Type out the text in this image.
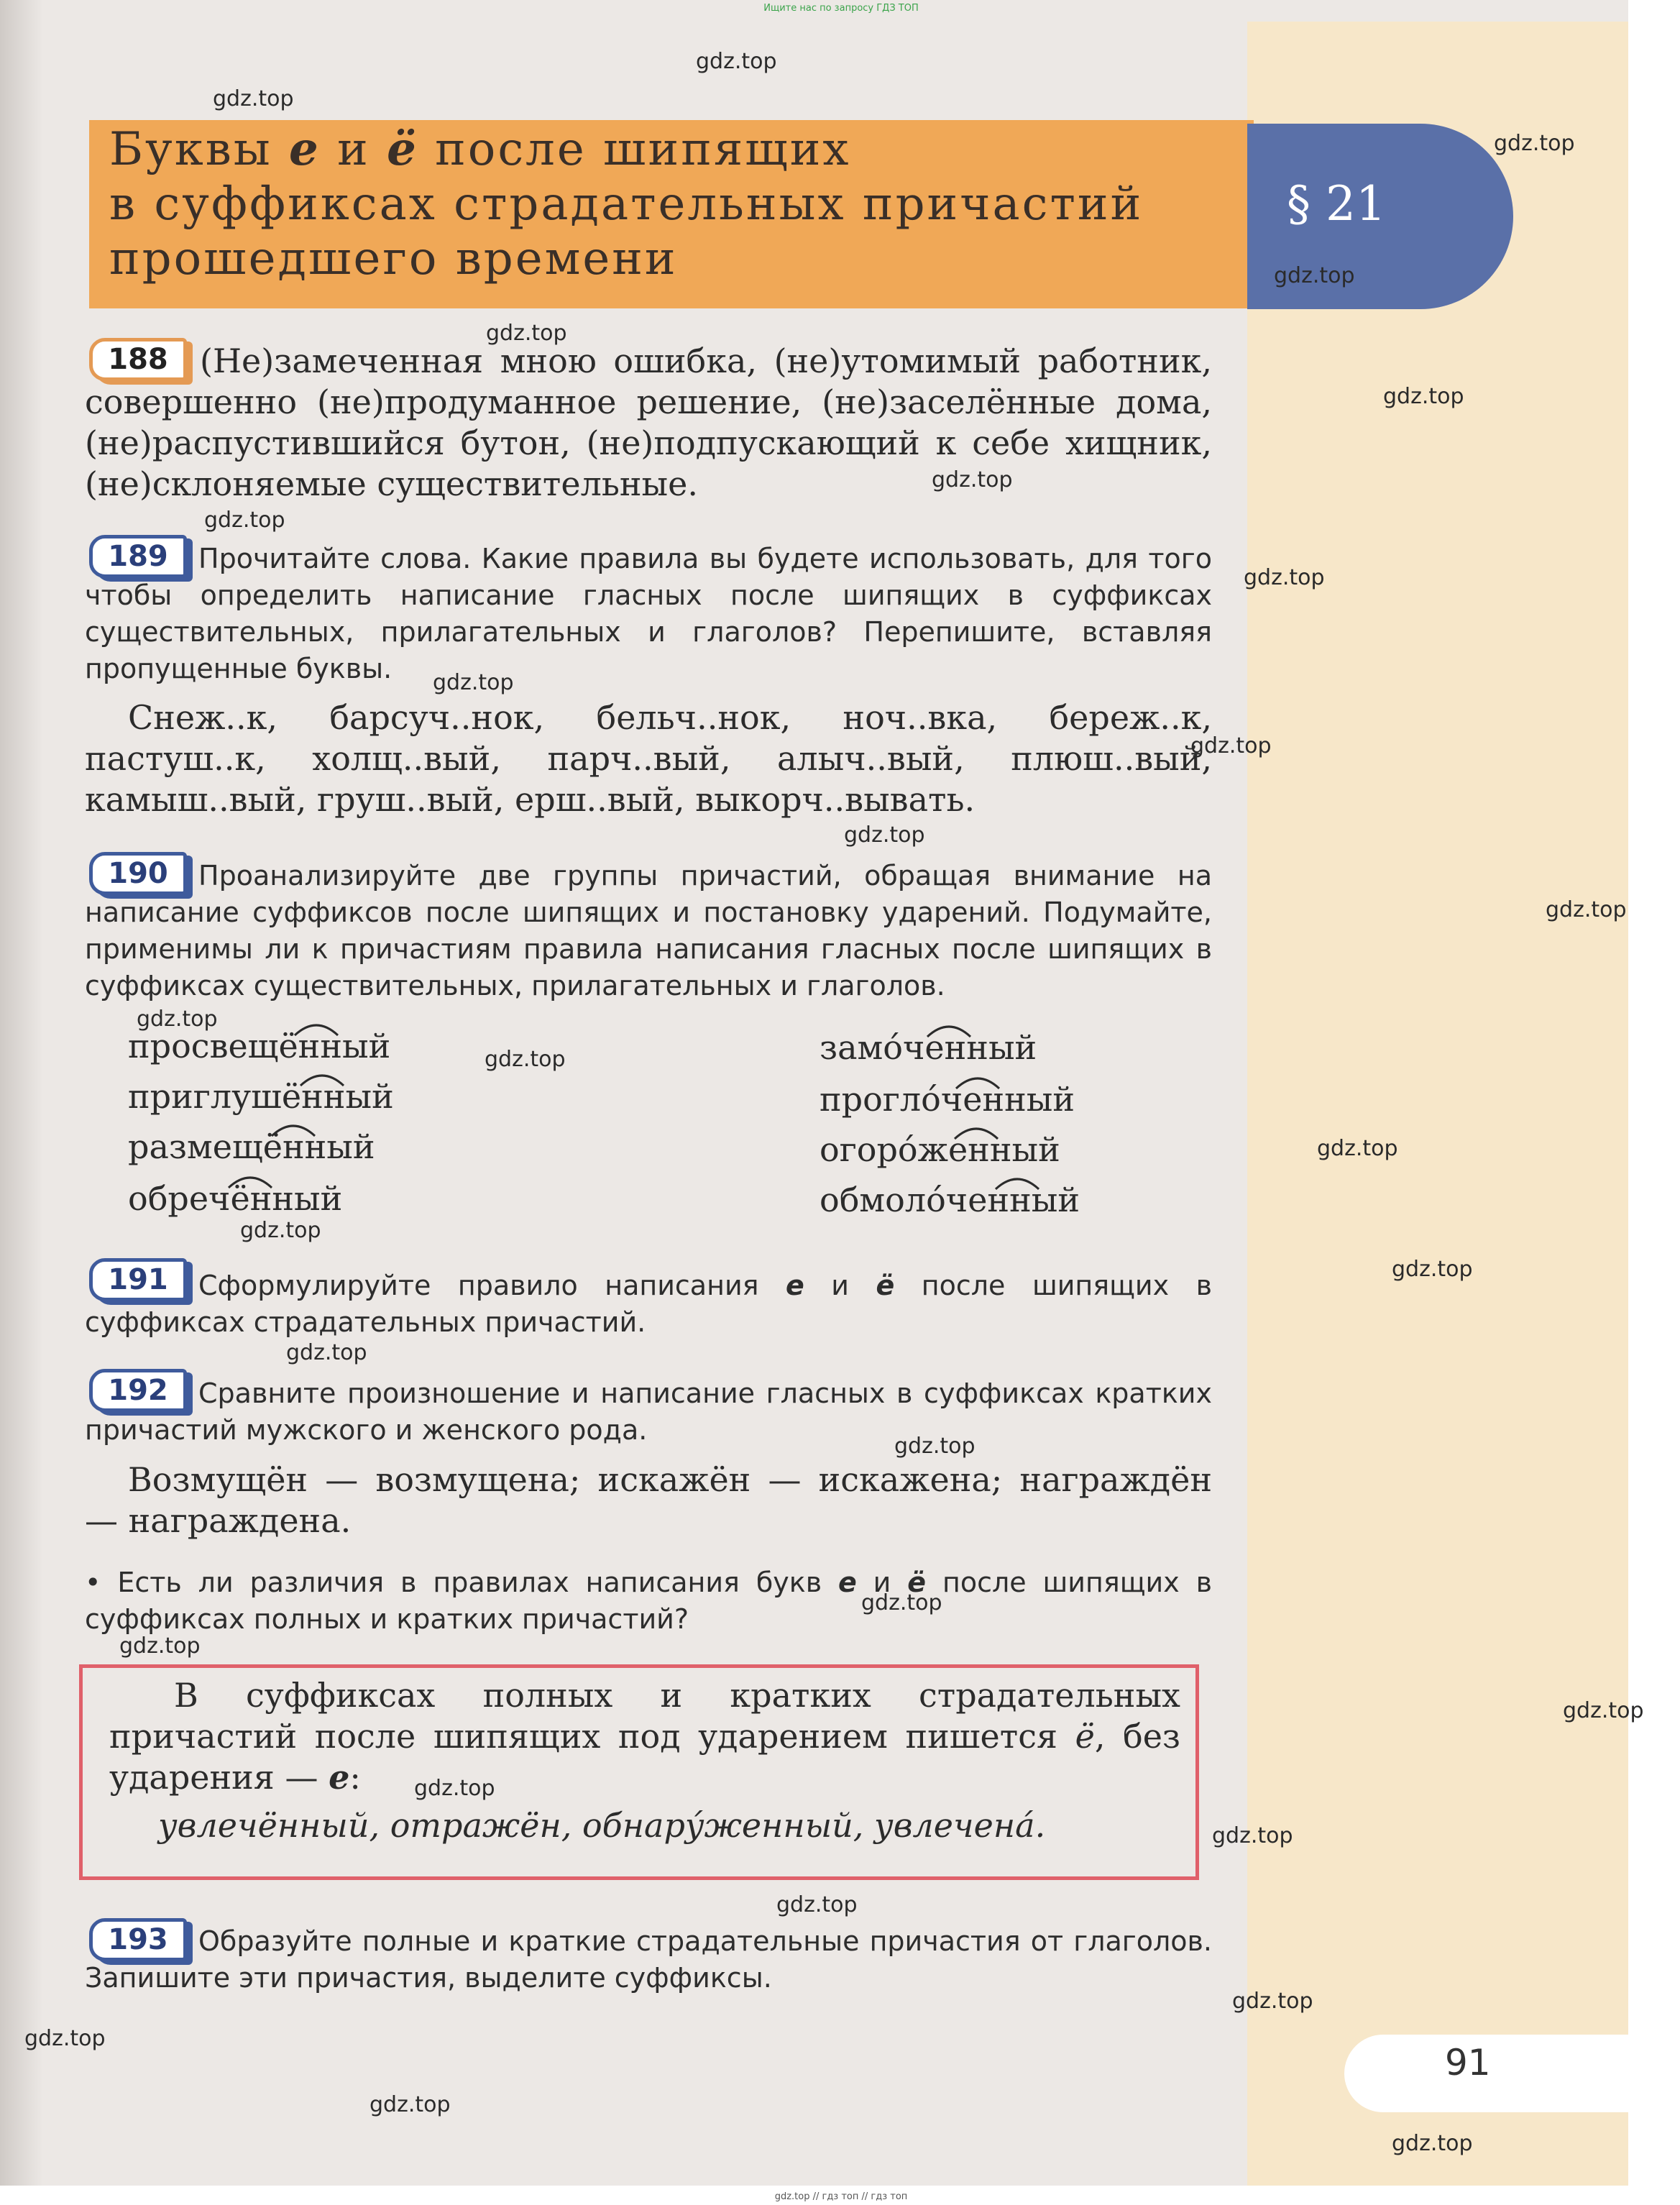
Ищите нас по запросу ГДЗ ТОП
Буквы е и ё после шипящих
в суффиксах страдательных причастий
прошедшего времени
§ 21
188 (Не)замеченная мною ошибка, (не)утомимый работник, совершенно (не)продуманное решение, (не)заселённые дома, (не)распустившийся бутон, (не)подпускающий к себе хищник, (не)склоняемые существительные.
189	Прочитайте слова. Какие правила вы будете использовать, для того чтобы определить написание гласных после шипящих в суффиксах существительных, прилагательных и глаголов? Перепишите, вставляя пропущенные буквы.
Снеж..к, барсуч..нок, бельч..нок, ноч..вка, береж..к, пастуш..к, холщ..вый, парч..вый, алыч..вый, плюш..вый, камыш..вый, груш..вый, ерш..вый, выкорч..вывать.
190	Проанализируйте две группы причастий, обращая внимание на написание суффиксов после шипящих и постановку ударений. Подумайте, применимы ли к причастиям правила написания гласных после шипящих в суффиксах существительных, прилагательных и глаголов.
просвещённый
приглушённый
размещённый
обречённый
замо́ченный
прогло́ченный
огоро́женный
обмоло́ченный
191	Сформулируйте правило написания е и ё после шипящих в суффиксах страдательных причастий.
192	Сравните произношение и написание гласных в суффиксах кратких причастий мужского и женского рода.
Возмущён — возмущена; искажён — искажена; награждён — награждена.
• Есть ли различия в правилах написания букв е и ё после шипящих в суффиксах полных и кратких причастий?
В суффиксах полных и кратких страдательных причастий после шипящих под ударением пишется ё, без ударения — е:
увлечённый, отражён, обнару́женный, увлечена́.
193	Образуйте полные и краткие страдательные причастия от глаголов. Запишите эти причастия, выделите суффиксы.
91
gdz.top
gdz.top
gdz.top
gdz.top
gdz.top
gdz.top
gdz.top
gdz.top
gdz.top
gdz.top
gdz.top
gdz.top
gdz.top
gdz.top
gdz.top
gdz.top
gdz.top
gdz.top
gdz.top
gdz.top
gdz.top
gdz.top
gdz.top
gdz.top
gdz.top
gdz.top
gdz.top
gdz.top
gdz.top
gdz.top
gdz.top // гдз топ // гдз топ
